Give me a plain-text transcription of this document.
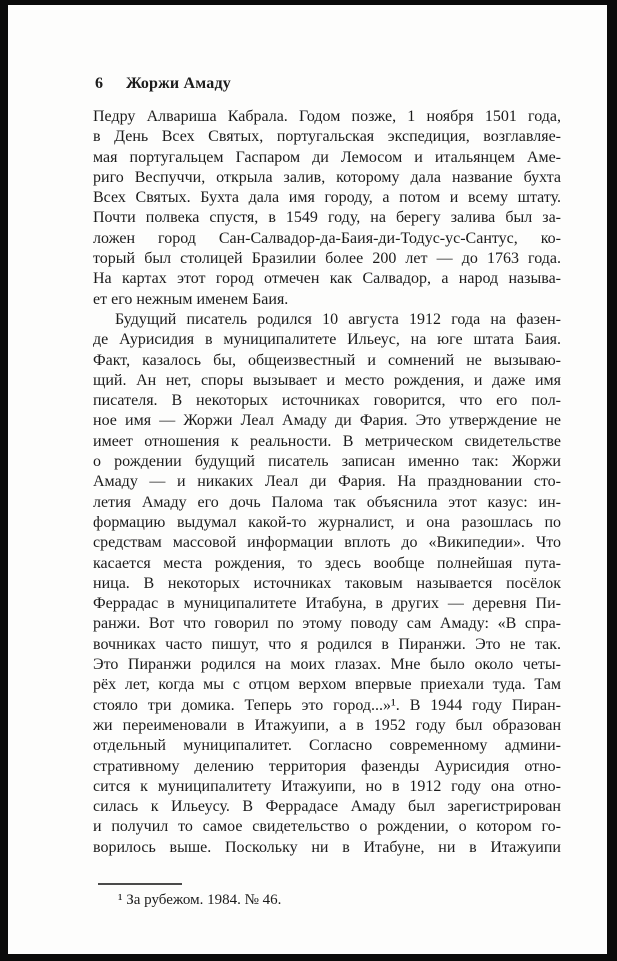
6 Жоржи Амаду
Педру Алвариша Кабрала. Годом позже, 1 ноября 1501 года,
в День Всех Святых, португальская экспедиция, возглавляе-
мая португальцем Гаспаром ди Лемосом и итальянцем Аме-
риго Веспуччи, открыла залив, которому дала название бухта
Всех Святых. Бухта дала имя городу, а потом и всему штату.
Почти полвека спустя, в 1549 году, на берегу залива был за-
ложен город Сан-Салвадор-да-Баия-ди-Тодус-ус-Сантус, ко-
торый был столицей Бразилии более 200 лет — до 1763 года.
На картах этот город отмечен как Салвадор, а народ называ-
ет его нежным именем Баия.
Будущий писатель родился 10 августа 1912 года на фазен-
де Аурисидия в муниципалитете Ильеус, на юге штата Баия.
Факт, казалось бы, общеизвестный и сомнений не вызываю-
щий. Ан нет, споры вызывает и место рождения, и даже имя
писателя. В некоторых источниках говорится, что его пол-
ное имя — Жоржи Леал Амаду ди Фария. Это утверждение не
имеет отношения к реальности. В метрическом свидетельстве
о рождении будущий писатель записан именно так: Жоржи
Амаду — и никаких Леал ди Фария. На праздновании сто-
летия Амаду его дочь Палома так объяснила этот казус: ин-
формацию выдумал какой-то журналист, и она разошлась по
средствам массовой информации вплоть до «Википедии». Что
касается места рождения, то здесь вообще полнейшая пута-
ница. В некоторых источниках таковым называется посёлок
Феррадас в муниципалитете Итабуна, в других — деревня Пи-
ранжи. Вот что говорил по этому поводу сам Амаду: «В спра-
вочниках часто пишут, что я родился в Пиранжи. Это не так.
Это Пиранжи родился на моих глазах. Мне было около четы-
рёх лет, когда мы с отцом верхом впервые приехали туда. Там
стояло три домика. Теперь это город...»¹. В 1944 году Пиран-
жи переименовали в Итажуипи, а в 1952 году был образован
отдельный муниципалитет. Согласно современному админи-
стративному делению территория фазенды Аурисидия отно-
сится к муниципалитету Итажуипи, но в 1912 году она отно-
силась к Ильеусу. В Феррадасе Амаду был зарегистрирован
и получил то самое свидетельство о рождении, о котором го-
ворилось выше. Поскольку ни в Итабуне, ни в Итажуипи
¹ За рубежом. 1984. № 46.
